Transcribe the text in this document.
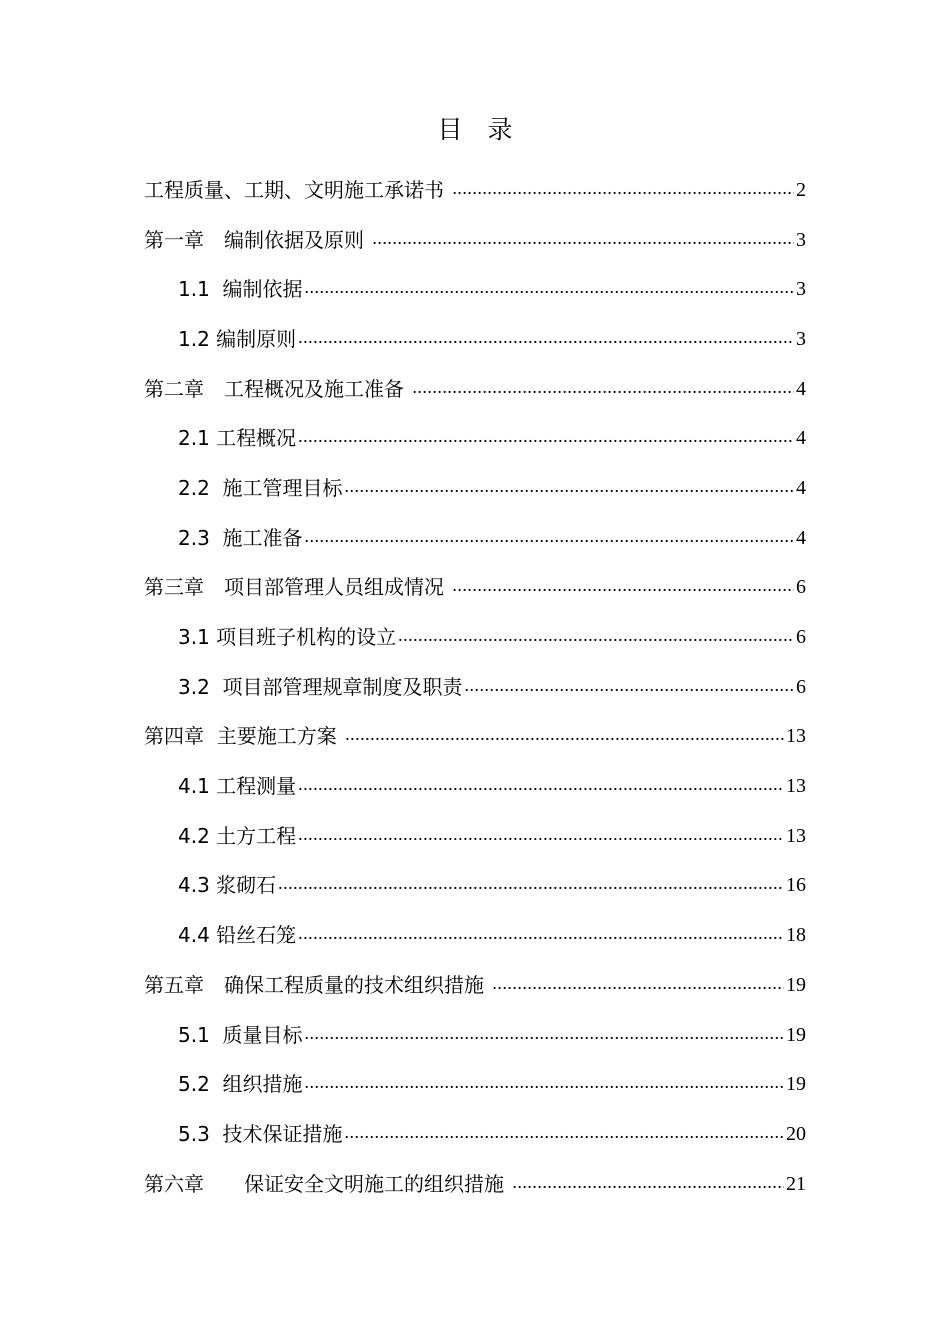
目　录
工程质量、工期、文明施工承诺书 .....	2
第一章　编制依据及原则 .....	3
1.1  编制依据 .....	3
1.2 编制原则 .....	3
第二章　工程概况及施工准备 .....	4
2.1 工程概况 .....	4
2.2  施工管理目标 .....	4
2.3  施工准备 .....	4
第三章　项目部管理人员组成情况 .....	6
3.1 项目班子机构的设立 .....	6
3.2  项目部管理规章制度及职责 .....	6
第四章  主要施工方案 .....	13
4.1 工程测量 .....	13
4.2 土方工程 .....	13
4.3 浆砌石 .....	16
4.4 铅丝石笼 .....	18
第五章　确保工程质量的技术组织措施 .....	19
5.1  质量目标 .....	19
5.2  组织措施 .....	19
5.3  技术保证措施 .....	20
第六章　　保证安全文明施工的组织措施 .....	21
